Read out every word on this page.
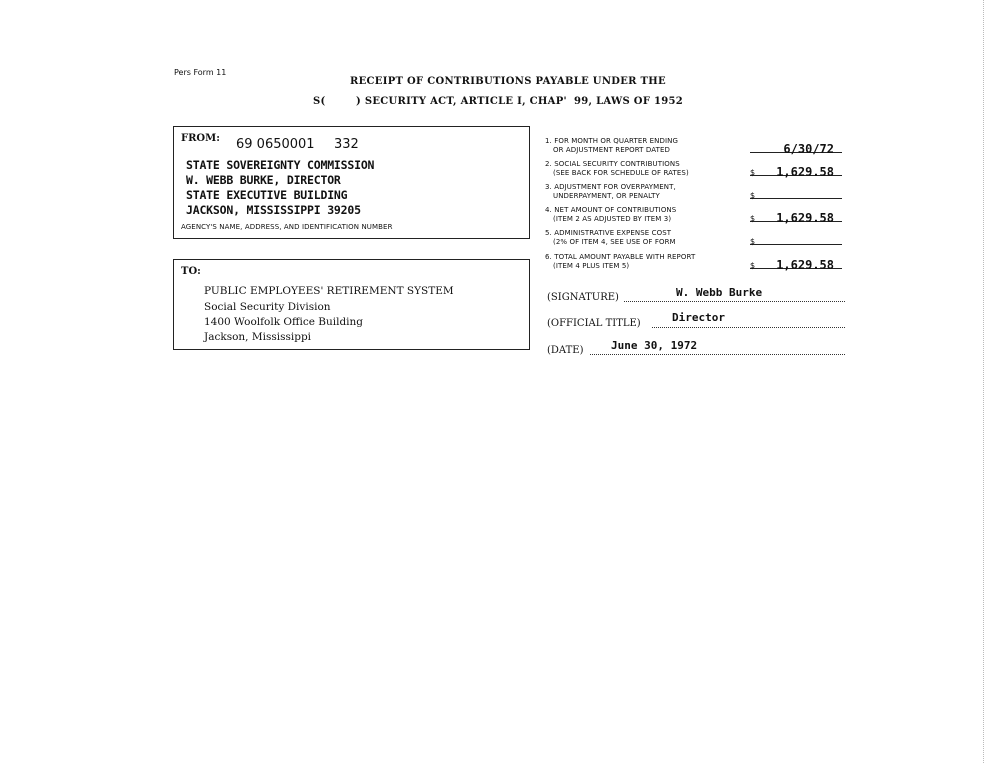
Pers Form 11
RECEIPT OF CONTRIBUTIONS PAYABLE UNDER THE
S(	) SECURITY ACT, ARTICLE I, CHAP' 99, LAWS OF 1952
FROM: 69 0650001 332
STATE SOVEREIGNTY COMMISSION
W. WEBB BURKE, DIRECTOR
STATE EXECUTIVE BUILDING
JACKSON, MISSISSIPPI 39205
AGENCY'S NAME, ADDRESS, AND IDENTIFICATION NUMBER
TO:
PUBLIC EMPLOYEES' RETIREMENT SYSTEM
Social Security Division
1400 Woolfolk Office Building
Jackson, Mississippi
1. FOR MONTH OR QUARTER ENDING
OR ADJUSTMENT REPORT DATED	6/30/72
2. SOCIAL SECURITY CONTRIBUTIONS
(SEE BACK FOR SCHEDULE OF RATES)	$ 1,629.58
3. ADJUSTMENT FOR OVERPAYMENT,
UNDERPAYMENT, OR PENALTY	$
4. NET AMOUNT OF CONTRIBUTIONS
(ITEM 2 AS ADJUSTED BY ITEM 3)	$ 1,629.58
5. ADMINISTRATIVE EXPENSE COST
(2% OF ITEM 4, SEE USE OF FORM	$
6. TOTAL AMOUNT PAYABLE WITH REPORT
(ITEM 4 PLUS ITEM 5)	$ 1,629.58
(SIGNATURE)	W. Webb Burke
(OFFICIAL TITLE)	Director
(DATE)	June 30, 1972
